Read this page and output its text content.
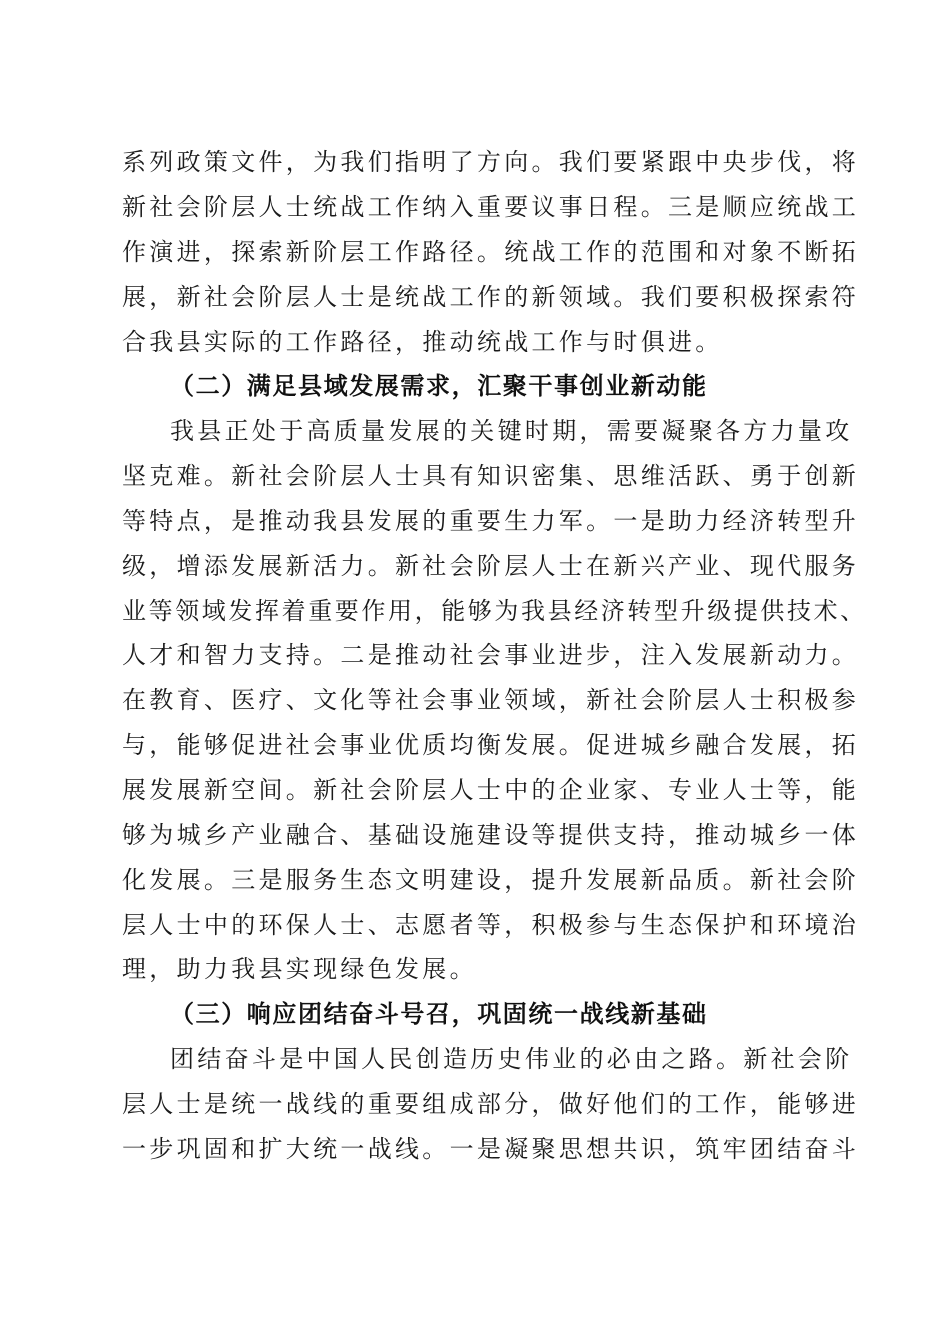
系列政策文件，为我们指明了方向。我们要紧跟中央步伐，将
新社会阶层人士统战工作纳入重要议事日程。三是顺应统战工
作演进，探索新阶层工作路径。统战工作的范围和对象不断拓
展，新社会阶层人士是统战工作的新领域。我们要积极探索符
合我县实际的工作路径，推动统战工作与时俱进。
（二）满足县域发展需求，汇聚干事创业新动能
我县正处于高质量发展的关键时期，需要凝聚各方力量攻
坚克难。新社会阶层人士具有知识密集、思维活跃、勇于创新
等特点，是推动我县发展的重要生力军。一是助力经济转型升
级，增添发展新活力。新社会阶层人士在新兴产业、现代服务
业等领域发挥着重要作用，能够为我县经济转型升级提供技术、
人才和智力支持。二是推动社会事业进步，注入发展新动力。
在教育、医疗、文化等社会事业领域，新社会阶层人士积极参
与，能够促进社会事业优质均衡发展。促进城乡融合发展，拓
展发展新空间。新社会阶层人士中的企业家、专业人士等，能
够为城乡产业融合、基础设施建设等提供支持，推动城乡一体
化发展。三是服务生态文明建设，提升发展新品质。新社会阶
层人士中的环保人士、志愿者等，积极参与生态保护和环境治
理，助力我县实现绿色发展。
（三）响应团结奋斗号召，巩固统一战线新基础
团结奋斗是中国人民创造历史伟业的必由之路。新社会阶
层人士是统一战线的重要组成部分，做好他们的工作，能够进
一步巩固和扩大统一战线。一是凝聚思想共识，筑牢团结奋斗
